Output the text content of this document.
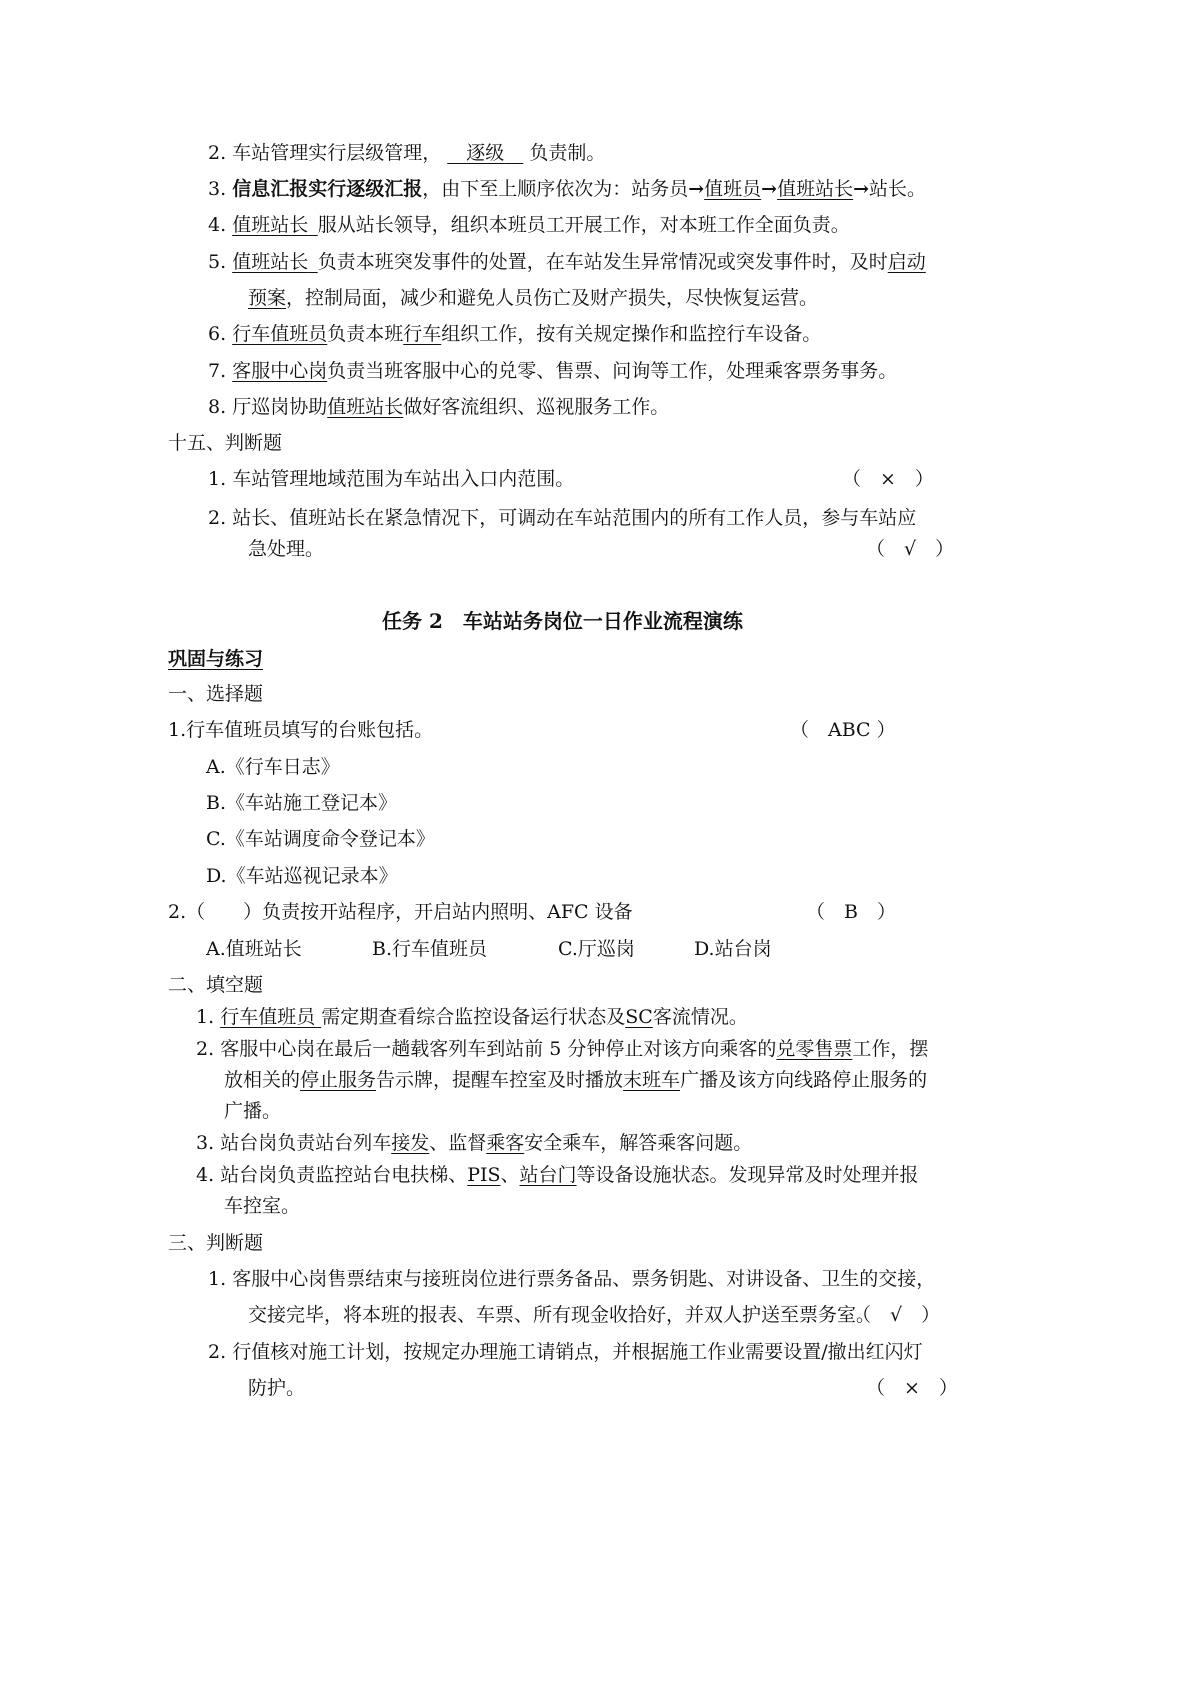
2. 车站管理实行层级管理，   逐级  负责制。
3. 信息汇报实行逐级汇报，由下至上顺序依次为：站务员→值班员→值班站长→站长。
4. 值班站长  服从站长领导，组织本班员工开展工作，对本班工作全面负责。
5. 值班站长  负责本班突发事件的处置，在车站发生异常情况或突发事件时，及时启动
预案，控制局面，减少和避免人员伤亡及财产损失，尽快恢复运营。
6. 行车值班员负责本班行车组织工作，按有关规定操作和监控行车设备。
7. 客服中心岗负责当班客服中心的兑零、售票、问询等工作，处理乘客票务事务。
8. 厅巡岗协助值班站长做好客流组织、巡视服务工作。
十五、判断题
1. 车站管理地域范围为车站出入口内范围。	（　×　）
2. 站长、值班站长在紧急情况下，可调动在车站范围内的所有工作人员，参与车站应
急处理。	（　√　）
任务 2　车站站务岗位一日作业流程演练
巩固与练习
一、选择题
1.行车值班员填写的台账包括。	（　ABC ）
A.《行车日志》
B.《车站施工登记本》
C.《车站调度命令登记本》
D.《车站巡视记录本》
2.（　　）负责按开站程序，开启站内照明、AFC 设备	（　B　）
A.值班站长	B.行车值班员	C.厅巡岗	D.站台岗
二、填空题
1. 行车值班员 需定期查看综合监控设备运行状态及SC客流情况。
2. 客服中心岗在最后一趟载客列车到站前 5 分钟停止对该方向乘客的兑零售票工作，摆
放相关的停止服务告示牌，提醒车控室及时播放末班车广播及该方向线路停止服务的
广播。
3. 站台岗负责站台列车接发、监督乘客安全乘车，解答乘客问题。
4. 站台岗负责监控站台电扶梯、PIS、站台门等设备设施状态。发现异常及时处理并报
车控室。
三、判断题
1. 客服中心岗售票结束与接班岗位进行票务备品、票务钥匙、对讲设备、卫生的交接，
交接完毕，将本班的报表、车票、所有现金收拾好，并双人护送至票务室。
（　√　）
2. 行值核对施工计划，按规定办理施工请销点，并根据施工作业需要设置/撤出红闪灯
防护。	（　×　）
